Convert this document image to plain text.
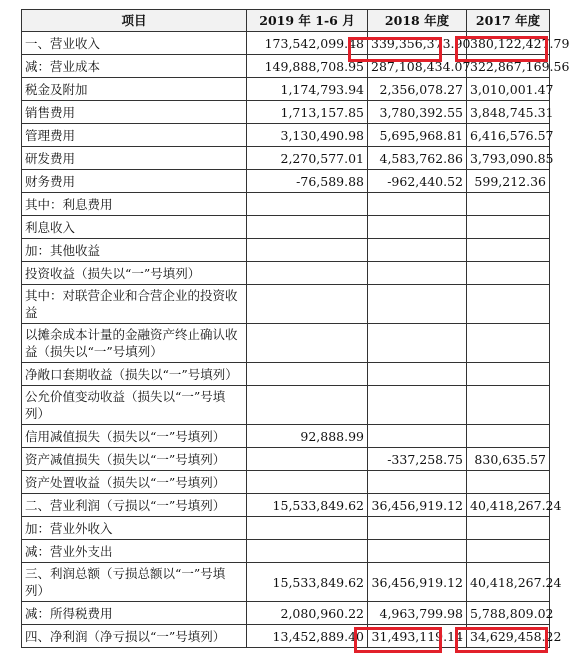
项目	2019 年 1-6 月	2018 年度	2017 年度
一、营业收入	173,542,099.48	339,356,373.90	380,122,427.79
减：营业成本	149,888,708.95	287,108,434.07	322,867,169.56
税金及附加	1,174,793.94	2,356,078.27	3,010,001.47
销售费用	1,713,157.85	3,780,392.55	3,848,745.31
管理费用	3,130,490.98	5,695,968.81	6,416,576.57
研发费用	2,270,577.01	4,583,762.86	3,793,090.85
财务费用	-76,589.88	-962,440.52	599,212.36
其中：利息费用			
利息收入			
加：其他收益			
投资收益（损失以“一”号填列）			
其中：对联营企业和合营企业的投资收益			
以摊余成本计量的金融资产终止确认收益（损失以“一”号填列）			
净敞口套期收益（损失以“一”号填列）			
公允价值变动收益（损失以“一”号填列）			
信用减值损失（损失以“一”号填列）	92,888.99		
资产减值损失（损失以“一”号填列）		-337,258.75	830,635.57
资产处置收益（损失以“一”号填列）			
二、营业利润（亏损以“一”号填列）	15,533,849.62	36,456,919.12	40,418,267.24
加：营业外收入			
减：营业外支出			
三、利润总额（亏损总额以“一”号填列）	15,533,849.62	36,456,919.12	40,418,267.24
减：所得税费用	2,080,960.22	4,963,799.98	5,788,809.02
四、净利润（净亏损以“一”号填列）	13,452,889.40	31,493,119.14	34,629,458.22
